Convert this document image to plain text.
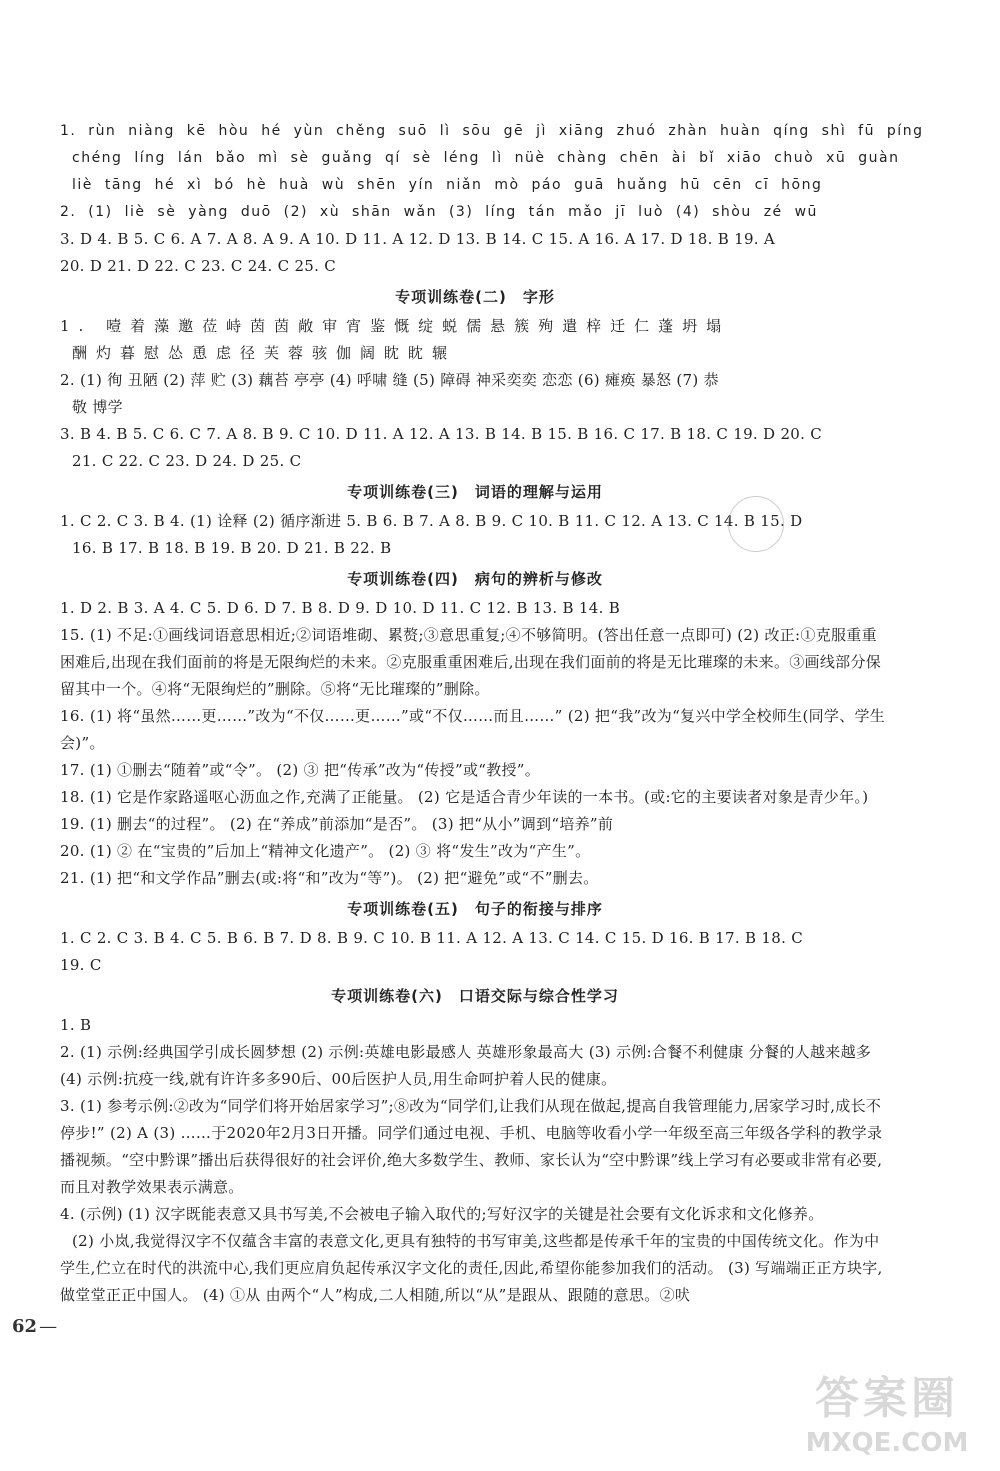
1. rùn niàng kē hòu hé yùn chěng suō lì sōu gē jì xiāng zhuó zhàn huàn qíng shì fū píng
chéng líng lán bǎo mì sè guǎng qí sè léng lì nüè chàng chēn ài bǐ xiāo chuò xū guàn
liè tāng hé xì bó hè huà wù shēn yín niǎn mò páo guā huǎng hū cēn cī hōng
2. (1) liè sè yàng duō (2) xù shān wǎn (3) líng tán mǎo jī luò (4) shòu zé wū
3. D 4. B 5. C 6. A 7. A 8. A 9. A 10. D 11. A 12. D 13. B 14. C 15. A 16. A 17. D 18. B 19. A
20. D 21. D 22. C 23. C 24. C 25. C
专项训练卷(二) 字形
1. 噎着藻邀莅峙茵茵敞审宵鉴慨绽蜕儒悬簇殉遣梓迁仁蓬坍塌
酬灼暮慰怂恿虑径芙蓉骇伽阔眈眈辗
2. (1) 徇 丑陋 (2) 萍 贮 (3) 藕苔 亭亭 (4) 呼啸 缝 (5) 障碍 神采奕奕 恋恋 (6) 瘫痪 暴怒 (7) 恭
敬 博学
3. B 4. B 5. C 6. C 7. A 8. B 9. C 10. D 11. A 12. A 13. B 14. B 15. B 16. C 17. B 18. C 19. D 20. C
21. C 22. C 23. D 24. D 25. C
专项训练卷(三) 词语的理解与运用
1. C 2. C 3. B 4. (1) 诠释 (2) 循序渐进 5. B 6. B 7. A 8. B 9. C 10. B 11. C 12. A 13. C 14. B 15. D
16. B 17. B 18. B 19. B 20. D 21. B 22. B
专项训练卷(四) 病句的辨析与修改
1. D 2. B 3. A 4. C 5. D 6. D 7. B 8. D 9. D 10. D 11. C 12. B 13. B 14. B
15. (1) 不足:①画线词语意思相近;②词语堆砌、累赘;③意思重复;④不够简明。(答出任意一点即可) (2) 改正:①克服重重困难后,出现在我们面前的将是无限绚烂的未来。②克服重重困难后,出现在我们面前的将是无比璀璨的未来。③画线部分保留其中一个。④将“无限绚烂的”删除。⑤将“无比璀璨的”删除。
16. (1) 将“虽然……更……”改为“不仅……更……”或“不仅……而且……” (2) 把“我”改为“复兴中学全校师生(同学、学生会)”。
17. (1) ①删去“随着”或“令”。 (2) ③ 把“传承”改为“传授”或“教授”。
18. (1) 它是作家路遥呕心沥血之作,充满了正能量。 (2) 它是适合青少年读的一本书。(或:它的主要读者对象是青少年。)
19. (1) 删去“的过程”。 (2) 在“养成”前添加“是否”。 (3) 把“从小”调到“培养”前
20. (1) ② 在“宝贵的”后加上“精神文化遗产”。 (2) ③ 将“发生”改为“产生”。
21. (1) 把“和文学作品”删去(或:将“和”改为“等”)。 (2) 把“避免”或“不”删去。
专项训练卷(五) 句子的衔接与排序
1. C 2. C 3. B 4. C 5. B 6. B 7. D 8. B 9. C 10. B 11. A 12. A 13. C 14. C 15. D 16. B 17. B 18. C
19. C
专项训练卷(六) 口语交际与综合性学习
1. B
2. (1) 示例:经典国学引成长圆梦想 (2) 示例:英雄电影最感人 英雄形象最高大 (3) 示例:合餐不利健康 分餐的人越来越多 (4) 示例:抗疫一线,就有许许多多90后、00后医护人员,用生命呵护着人民的健康。
3. (1) 参考示例:②改为“同学们将开始居家学习”;⑧改为“同学们,让我们从现在做起,提高自我管理能力,居家学习时,成长不停步!” (2) A (3) ……于2020年2月3日开播。同学们通过电视、手机、电脑等收看小学一年级至高三年级各学科的教学录播视频。“空中黔课”播出后获得很好的社会评价,绝大多数学生、教师、家长认为“空中黔课”线上学习有必要或非常有必要,而且对教学效果表示满意。
4. (示例) (1) 汉字既能表意又具书写美,不会被电子输入取代的;写好汉字的关键是社会要有文化诉求和文化修养。
(2) 小岚,我觉得汉字不仅蕴含丰富的表意文化,更具有独特的书写审美,这些都是传承千年的宝贵的中国传统文化。作为中学生,伫立在时代的洪流中心,我们更应肩负起传承汉字文化的责任,因此,希望你能参加我们的活动。 (3) 写端端正正方块字,做堂堂正正中国人。 (4) ①从 由两个“人”构成,二人相随,所以“从”是跟从、跟随的意思。②吠
62 —
答案圈
MXQE.COM
